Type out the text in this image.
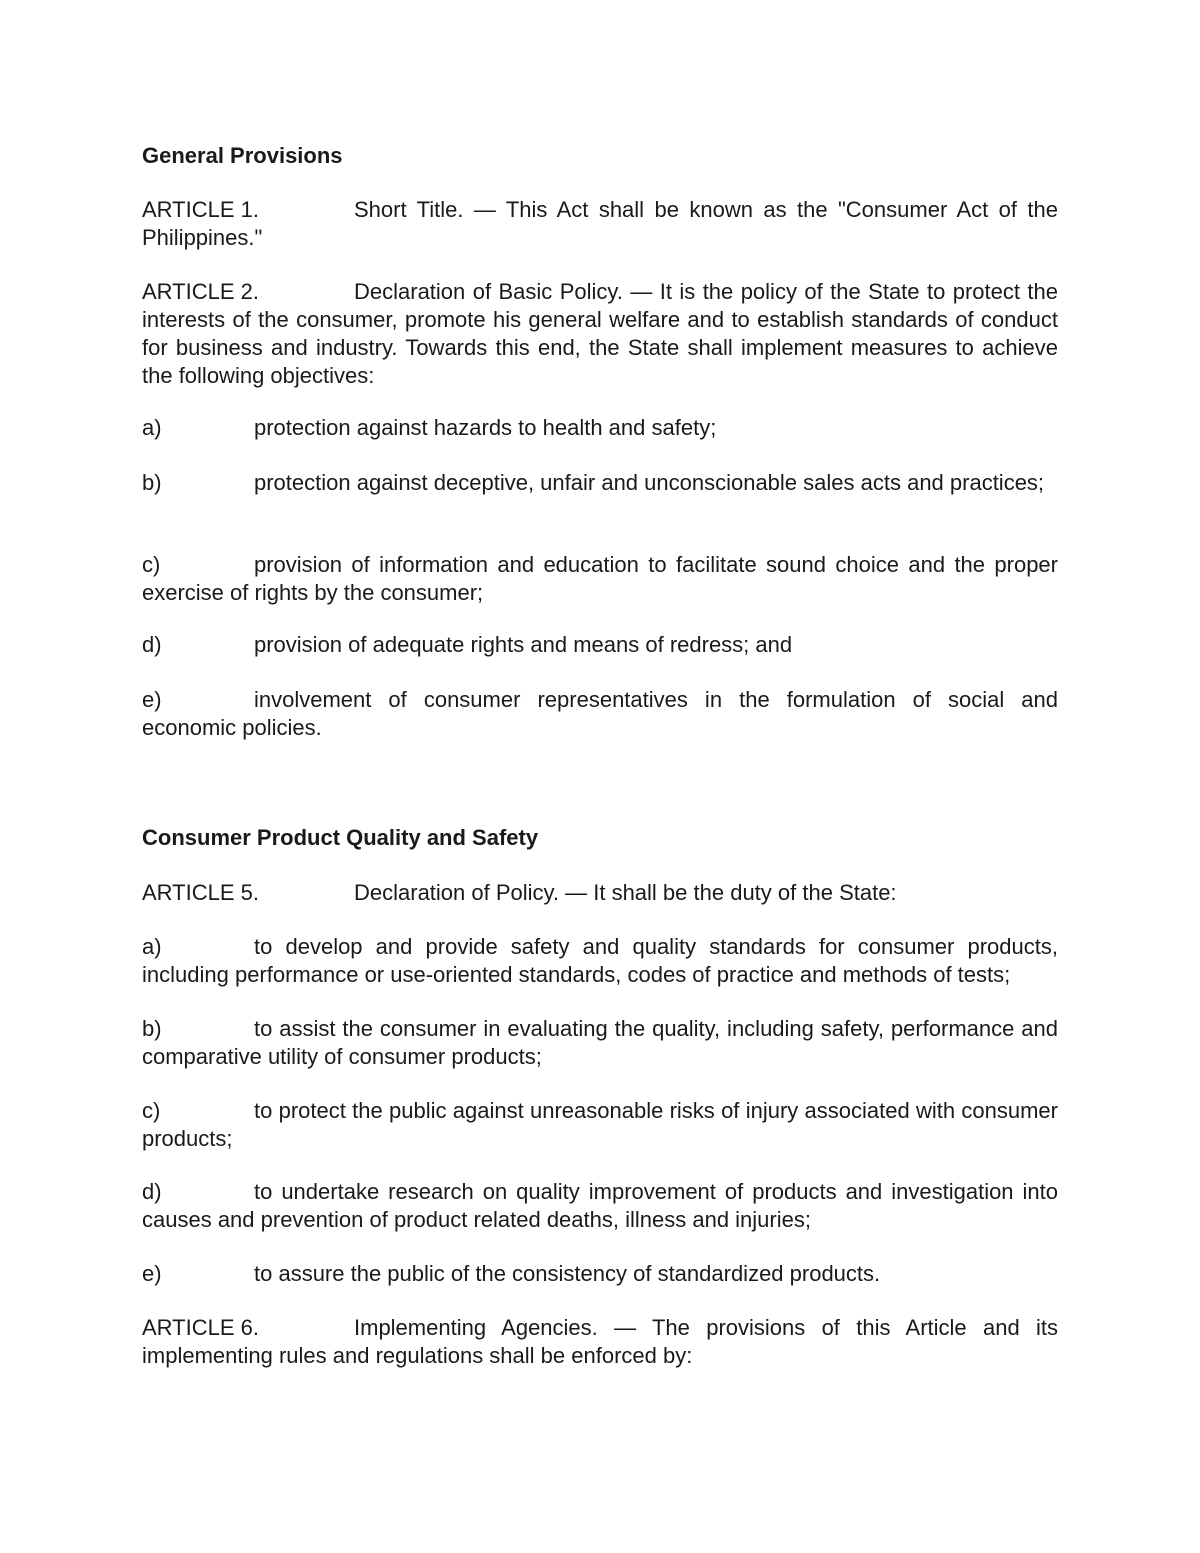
General Provisions
ARTICLE 1.	Short Title. — This Act shall be known as the "Consumer Act of the Philippines."
ARTICLE 2.	Declaration of Basic Policy. — It is the policy of the State to protect the interests of the consumer, promote his general welfare and to establish standards of conduct for business and industry. Towards this end, the State shall implement measures to achieve the following objectives:
a)	protection against hazards to health and safety;
b)	protection against deceptive, unfair and unconscionable sales acts and practices;
c)	provision of information and education to facilitate sound choice and the proper exercise of rights by the consumer;
d)	provision of adequate rights and means of redress; and
e)	involvement of consumer representatives in the formulation of social and economic policies.
Consumer Product Quality and Safety
ARTICLE 5.	Declaration of Policy. — It shall be the duty of the State:
a)	to develop and provide safety and quality standards for consumer products, including performance or use-oriented standards, codes of practice and methods of tests;
b)	to assist the consumer in evaluating the quality, including safety, performance and comparative utility of consumer products;
c)	to protect the public against unreasonable risks of injury associated with consumer products;
d)	to undertake research on quality improvement of products and investigation into causes and prevention of product related deaths, illness and injuries;
e)	to assure the public of the consistency of standardized products.
ARTICLE 6.	Implementing Agencies. — The provisions of this Article and its implementing rules and regulations shall be enforced by:
